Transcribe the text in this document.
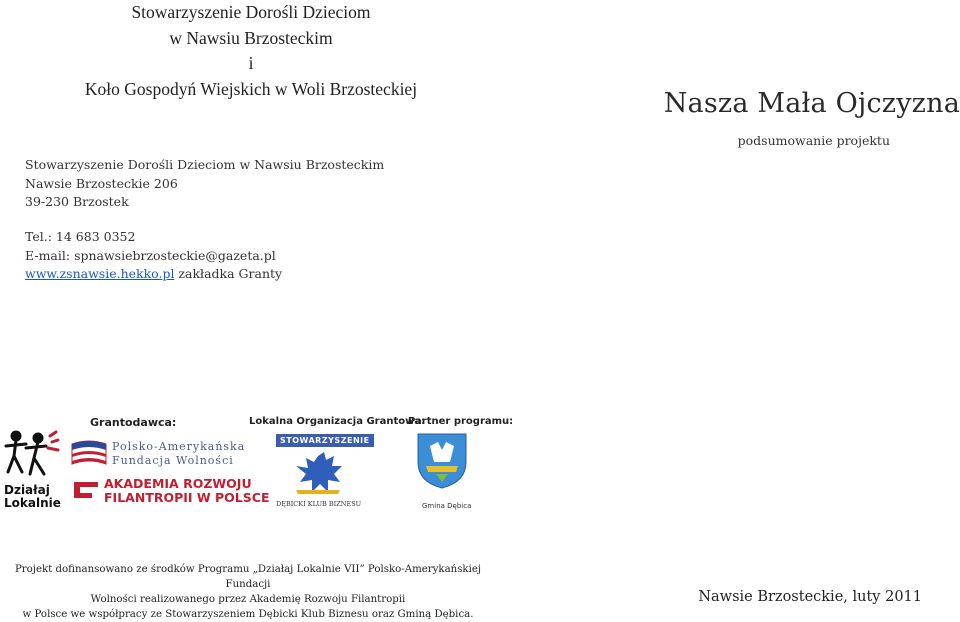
Stowarzyszenie Dorośli Dzieciom
w Nawsiu Brzosteckim
i
Koło Gospodyń Wiejskich w Woli Brzosteckiej	Nasza Mała Ojczyzna
podsumowanie projektu
Stowarzyszenie Dorośli Dzieciom w Nawsiu Brzosteckim
Nawsie Brzosteckie 206
39-230 Brzostek
Tel.: 14 683 0352
E-mail: spnawsiebrzosteckie@gazeta.pl
www.zsnawsie.hekko.pl zakładka Granty
Działaj
Lokalnie
Grantodawca:
Polsko-Amerykańska
Fundacja Wolności
AKADEMIA ROZWOJU
FILANTROPII W POLSCE
Lokalna Organizacja Grantowa:
STOWARZYSZENIE
DĘBICKI KLUB BIZNESU
Partner programu:
Gmina Dębica
Projekt dofinansowano ze środków Programu „Działaj Lokalnie VII” Polsko-Amerykańskiej Fundacji
Wolności realizowanego przez Akademię Rozwoju Filantropii
w Polsce we współpracy ze Stowarzyszeniem Dębicki Klub Biznesu oraz Gminą Dębica.
Nawsie Brzosteckie, luty 2011
